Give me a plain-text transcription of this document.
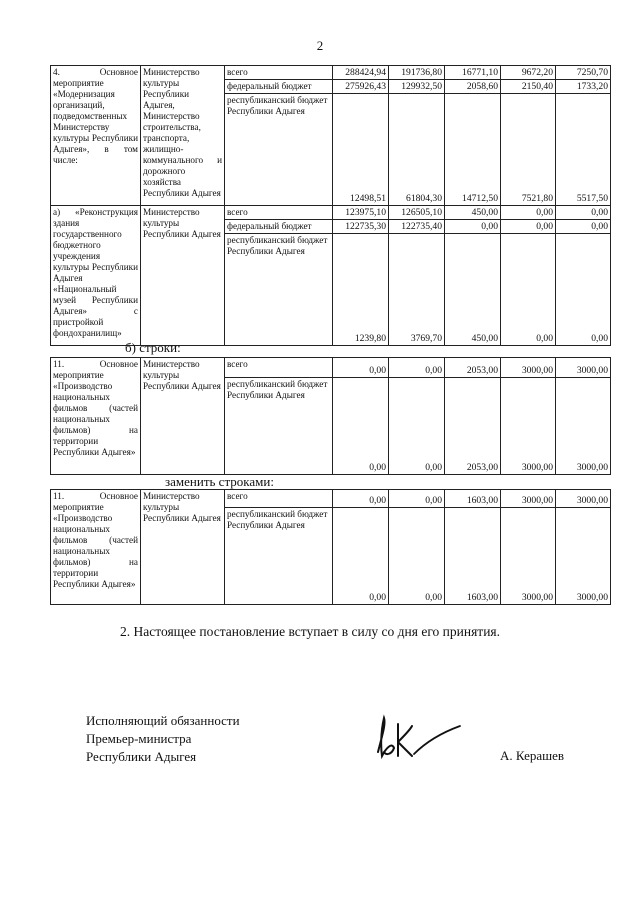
2
4. Основное мероприятие «Модернизация организаций, подведомственных Министерству культуры Республики Адыгея», в том числе:	Министерство культуры Республики Адыгея, Министерство строительства, транспорта, жилищно-коммунального и дорожного хозяйства Республики Адыгея	всего	288424,94	191736,80	16771,10	9672,20	7250,70
		федеральный бюджет	275926,43	129932,50	2058,60	2150,40	1733,20
		республиканский бюджет Республики Адыгея	12498,51	61804,30	14712,50	7521,80	5517,50
а) «Реконструкция здания государственного бюджетного учреждения культуры Республики Адыгея «Национальный музей Республики Адыгея» с пристройкой фондохранилищ»	Министерство культуры Республики Адыгея	всего	123975,10	126505,10	450,00	0,00	0,00
		федеральный бюджет	122735,30	122735,40	0,00	0,00	0,00
		республиканский бюджет Республики Адыгея	1239,80	3769,70	450,00	0,00	0,00
б) строки:
11. Основное мероприятие «Производство национальных фильмов (частей национальных фильмов) на территории Республики Адыгея»	Министерство культуры Республики Адыгея	всего	0,00	0,00	2053,00	3000,00	3000,00
		республиканский бюджет Республики Адыгея	0,00	0,00	2053,00	3000,00	3000,00
заменить строками:
11. Основное мероприятие «Производство национальных фильмов (частей национальных фильмов) на территории Республики Адыгея»	Министерство культуры Республики Адыгея	всего	0,00	0,00	1603,00	3000,00	3000,00
		республиканский бюджет Республики Адыгея	0,00	0,00	1603,00	3000,00	3000,00
2. Настоящее постановление вступает в силу со дня его принятия.
Исполняющий обязанности
Премьер-министра
Республики Адыгея	А. Керашев
